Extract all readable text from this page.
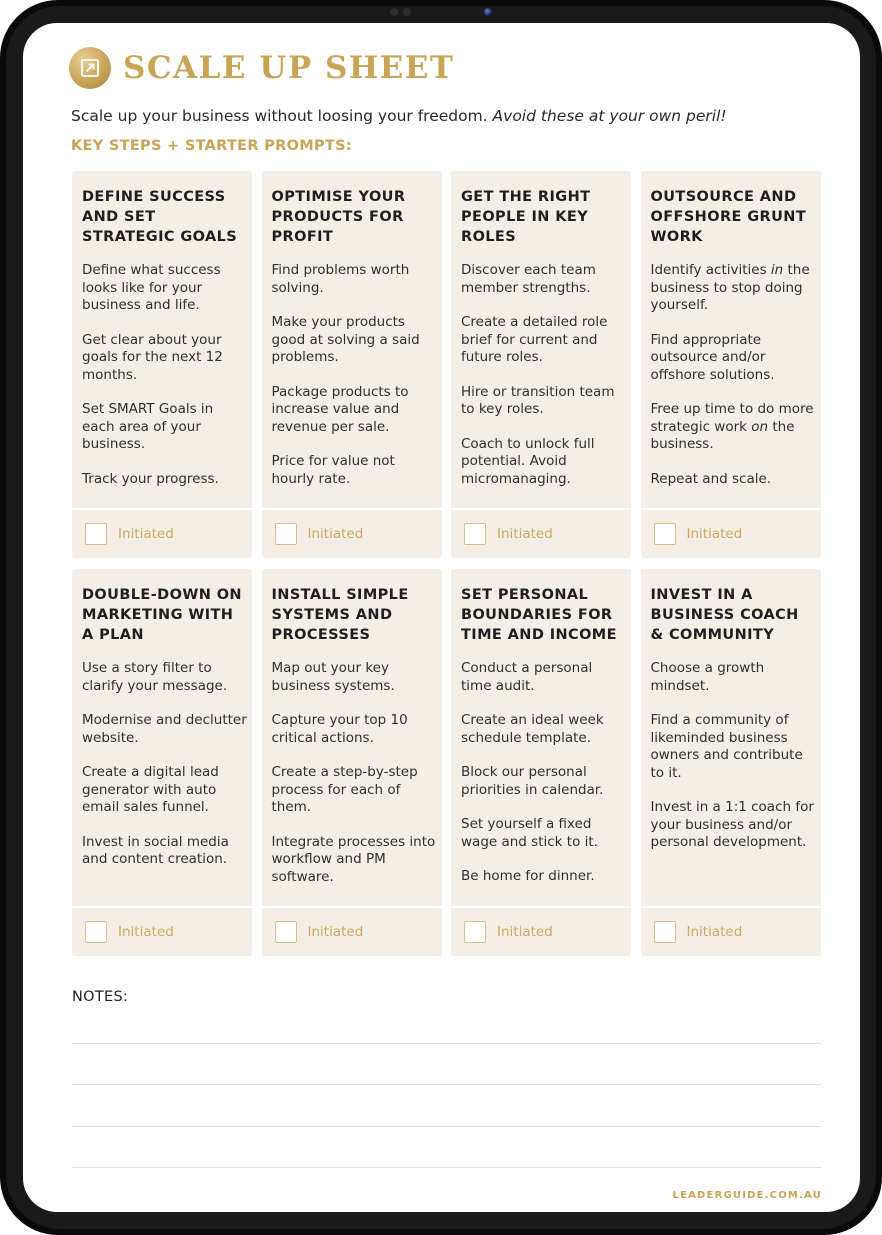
SCALE UP SHEET
Scale up your business without loosing your freedom. Avoid these at your own peril!
KEY STEPS + STARTER PROMPTS:
DEFINE SUCCESS AND SET STRATEGIC GOALS

Define what success looks like for your business and life.

Get clear about your goals for the next 12 months.

Set SMART Goals in each area of your business.

Track your progress.

Initiated
OPTIMISE YOUR PRODUCTS FOR PROFIT

Find problems worth solving.

Make your products good at solving a said problems.

Package products to increase value and revenue per sale.

Price for value not hourly rate.

Initiated
GET THE RIGHT PEOPLE IN KEY ROLES

Discover each team member strengths.

Create a detailed role brief for current and future roles.

Hire or transition team to key roles.

Coach to unlock full potential. Avoid micromanaging.

Initiated
OUTSOURCE AND OFFSHORE GRUNT WORK

Identify activities in the business to stop doing yourself.

Find appropriate outsource and/or offshore solutions.

Free up time to do more strategic work on the business.

Repeat and scale.

Initiated
DOUBLE-DOWN ON MARKETING WITH A PLAN

Use a story filter to clarify your message.

Modernise and declutter website.

Create a digital lead generator with auto email sales funnel.

Invest in social media and content creation.

Initiated
INSTALL SIMPLE SYSTEMS AND PROCESSES

Map out your key business systems.

Capture your top 10 critical actions.

Create a step-by-step process for each of them.

Integrate processes into workflow and PM software.

Initiated
SET PERSONAL BOUNDARIES FOR TIME AND INCOME

Conduct a personal time audit.

Create an ideal week schedule template.

Block our personal priorities in calendar.

Set yourself a fixed wage and stick to it.

Be home for dinner.

Initiated
INVEST IN A BUSINESS COACH & COMMUNITY

Choose a growth mindset.

Find a community of likeminded business owners and contribute to it.

Invest in a 1:1 coach for your business and/or personal development.

Initiated
NOTES:
LEADERGUIDE.COM.AU
